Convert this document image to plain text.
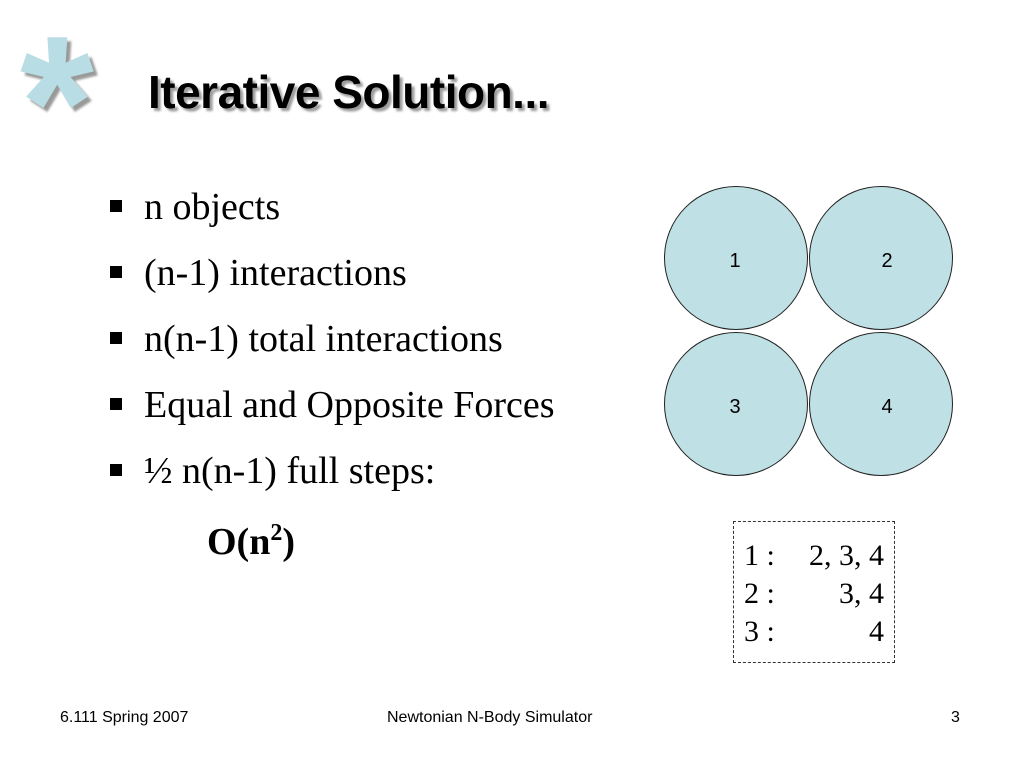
* Iterative Solution...
n objects
(n-1) interactions
n(n-1) total interactions
Equal and Opposite Forces
½ n(n-1) full steps:
$O(n^2)$
1	2
3	4
1 : 2, 3, 4
2 : 3, 4
3 :	4
6.111 Spring 2007	Newtonian N-Body Simulator	3
